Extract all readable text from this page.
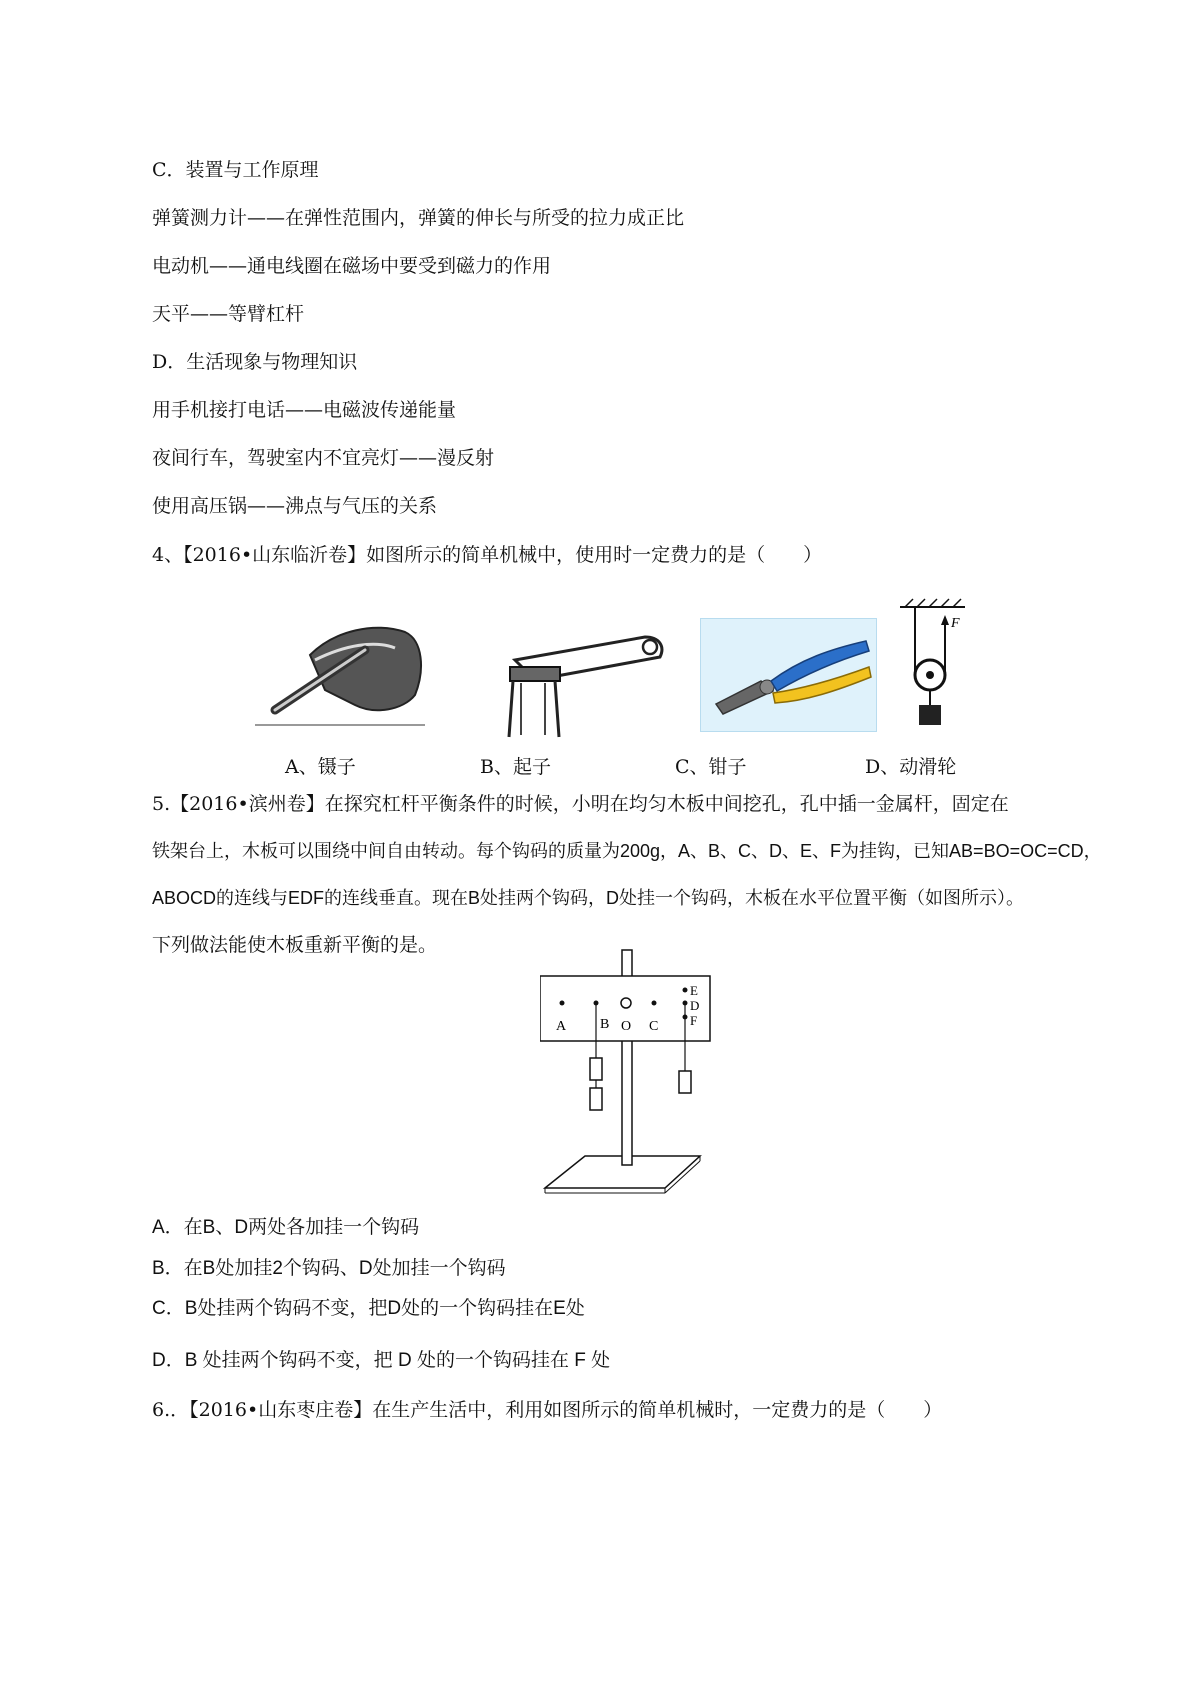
C．装置与工作原理
弹簧测力计——在弹性范围内，弹簧的伸长与所受的拉力成正比
电动机——通电线圈在磁场中要受到磁力的作用
天平——等臂杠杆
D．生活现象与物理知识
用手机接打电话——电磁波传递能量
夜间行车，驾驶室内不宜亮灯——漫反射
使用高压锅——沸点与气压的关系
4、【2016•山东临沂卷】如图所示的简单机械中，使用时一定费力的是（　　）
F
A、镊子	B、起子	C、钳子	D、动滑轮
5.【2016•滨州卷】在探究杠杆平衡条件的时候，小明在均匀木板中间挖孔，孔中插一金属杆，固定在
铁架台上，木板可以围绕中间自由转动。每个钩码的质量为200g，A、B、C、D、E、F为挂钩，已知AB=BO=OC=CD，
ABOCD的连线与EDF的连线垂直。现在B处挂两个钩码，D处挂一个钩码，木板在水平位置平衡（如图所示）。
下列做法能使木板重新平衡的是。
A B O C
E
D
F
A．在B、D两处各加挂一个钩码
B．在B处加挂2个钩码、D处加挂一个钩码
C．B处挂两个钩码不变，把D处的一个钩码挂在E处
D．B 处挂两个钩码不变，把 D 处的一个钩码挂在 F 处
6.．【2016•山东枣庄卷】在生产生活中，利用如图所示的简单机械时，一定费力的是（　　）
